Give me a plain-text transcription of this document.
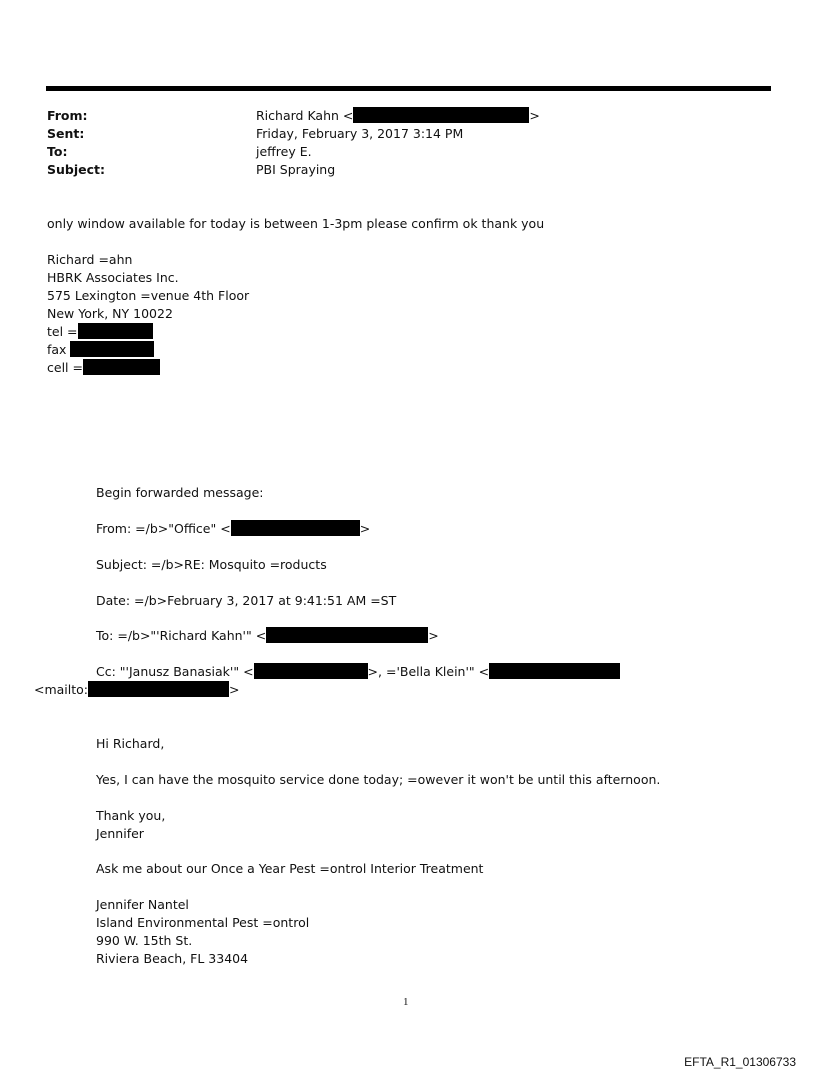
From:	Richard Kahn <	>
Sent:	Friday, February 3, 2017 3:14 PM
To:	jeffrey E.
Subject:	PBI Spraying
only window available for today is between 1-3pm please confirm ok thank you
Richard =ahn
HBRK Associates Inc.
575 Lexington =venue 4th Floor
New York, NY 10022
tel =
fax
cell =
Begin forwarded message:
From: =/b>"Office" <	>
Subject: =/b>RE: Mosquito =roducts
Date: =/b>February 3, 2017 at 9:41:51 AM =ST
To: =/b>"'Richard Kahn'" <	>
Cc: "'Janusz Banasiak'" <	>, ='Bella Klein'" <
<mailto:	>
Hi Richard,
Yes, I can have the mosquito service done today; =owever it won't be until this afternoon.
Thank you,
Jennifer
Ask me about our Once a Year Pest =ontrol Interior Treatment
Jennifer Nantel
Island Environmental Pest =ontrol
990 W. 15th St.
Riviera Beach, FL 33404
1
EFTA_R1_01306733
